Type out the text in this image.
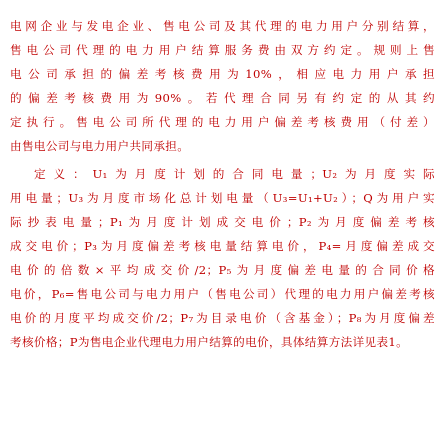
电网企业与发电企业、售电公司及其代理的电力用户分别结算，
售电公司代理的电力用户结算服务费由双方约定。规则上售
电公司承担的偏差考核费用为10%，相应电力用户承担
的偏差考核费用为90%。若代理合同另有约定的从其约
定执行。售电公司所代理的电力用户偏差考核费用（付差）
由售电公司与电力用户共同承担。
定义：U₁为月度计划的合同电量；U₂为月度实际
用电量；U₃为月度市场化总计划电量（U₃=U₁+U₂）；Q为用户实
际抄表电量；P₁为月度计划成交电价；P₂为月度偏差考核
成交电价；P₃为月度偏差考核电量结算电价，P₄=月度偏差成交
电价的倍数×平均成交价/2；P₅为月度偏差电量的合同价格
电价，P₆=售电公司与电力用户（售电公司）代理的电力用户偏差考核
电价的月度平均成交价/2；P₇为目录电价（含基金）；P₈为月度偏差
考核价格；P为售电企业代理电力用户结算的电价，具体结算方法详见表1。
